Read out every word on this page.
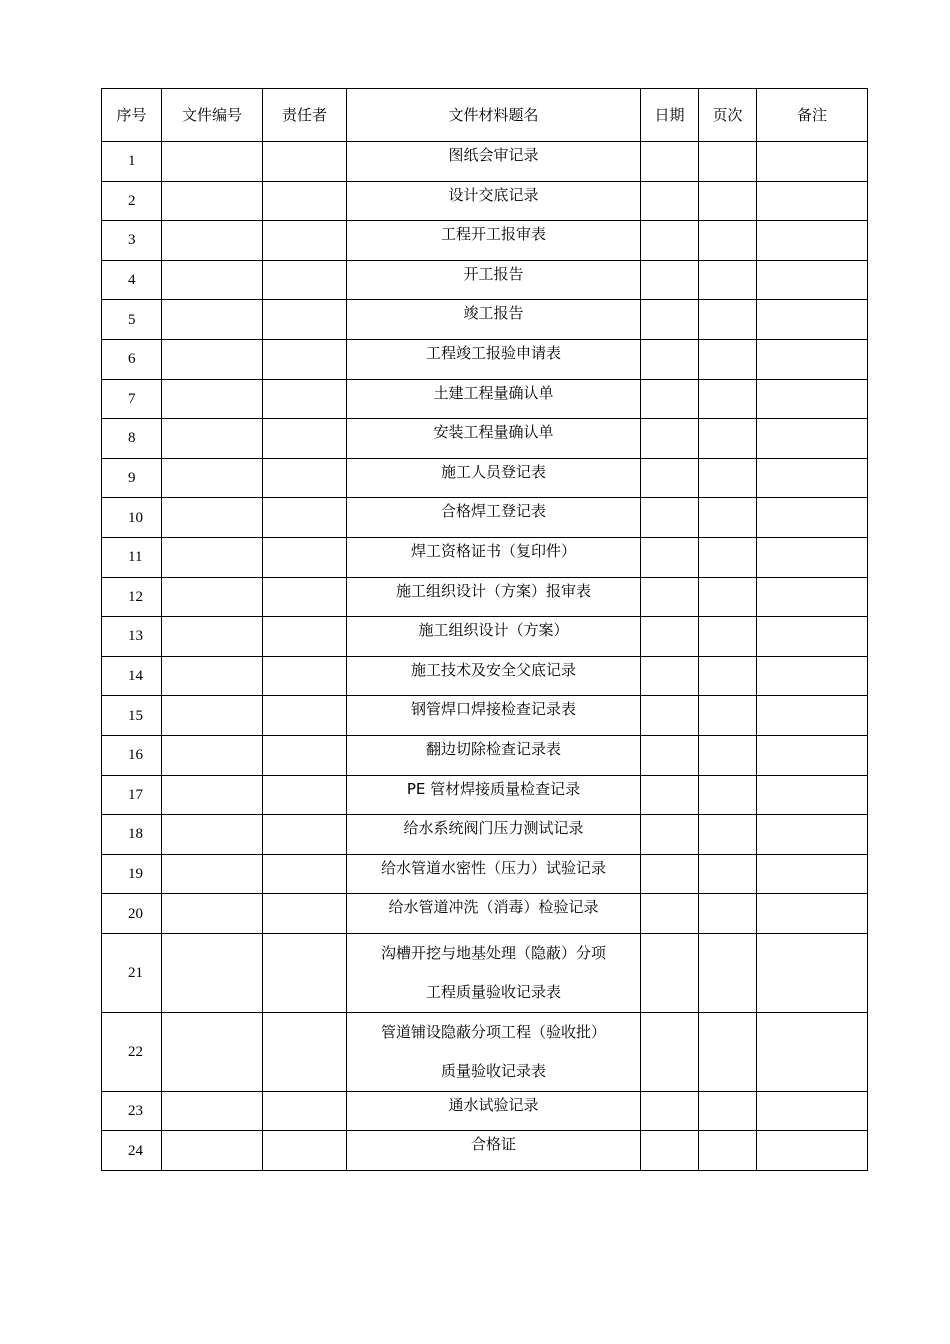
序号	文件编号	责任者	文件材料题名	日期	页次	备注
1			图纸会审记录			
2			设计交底记录			
3			工程开工报审表			
4			开工报告			
5			竣工报告			
6			工程竣工报验申请表			
7			土建工程量确认单			
8			安装工程量确认单			
9			施工人员登记表			
10			合格焊工登记表			
11			焊工资格证书（复印件）			
12			施工组织设计（方案）报审表			
13			施工组织设计（方案）			
14			施工技术及安全父底记录			
15			钢管焊口焊接检查记录表			
16			翻边切除检查记录表			
17			PE 管材焊接质量检查记录			
18			给水系统阀门压力测试记录			
19			给水管道水密性（压力）试验记录			
20			给水管道冲洗（消毒）检验记录			
21			沟槽开挖与地基处理（隐蔽）分项
工程质量验收记录表			

22			管道铺设隐蔽分项工程（验收批）
质量验收记录表			

23			通水试验记录			
24			合格证			
